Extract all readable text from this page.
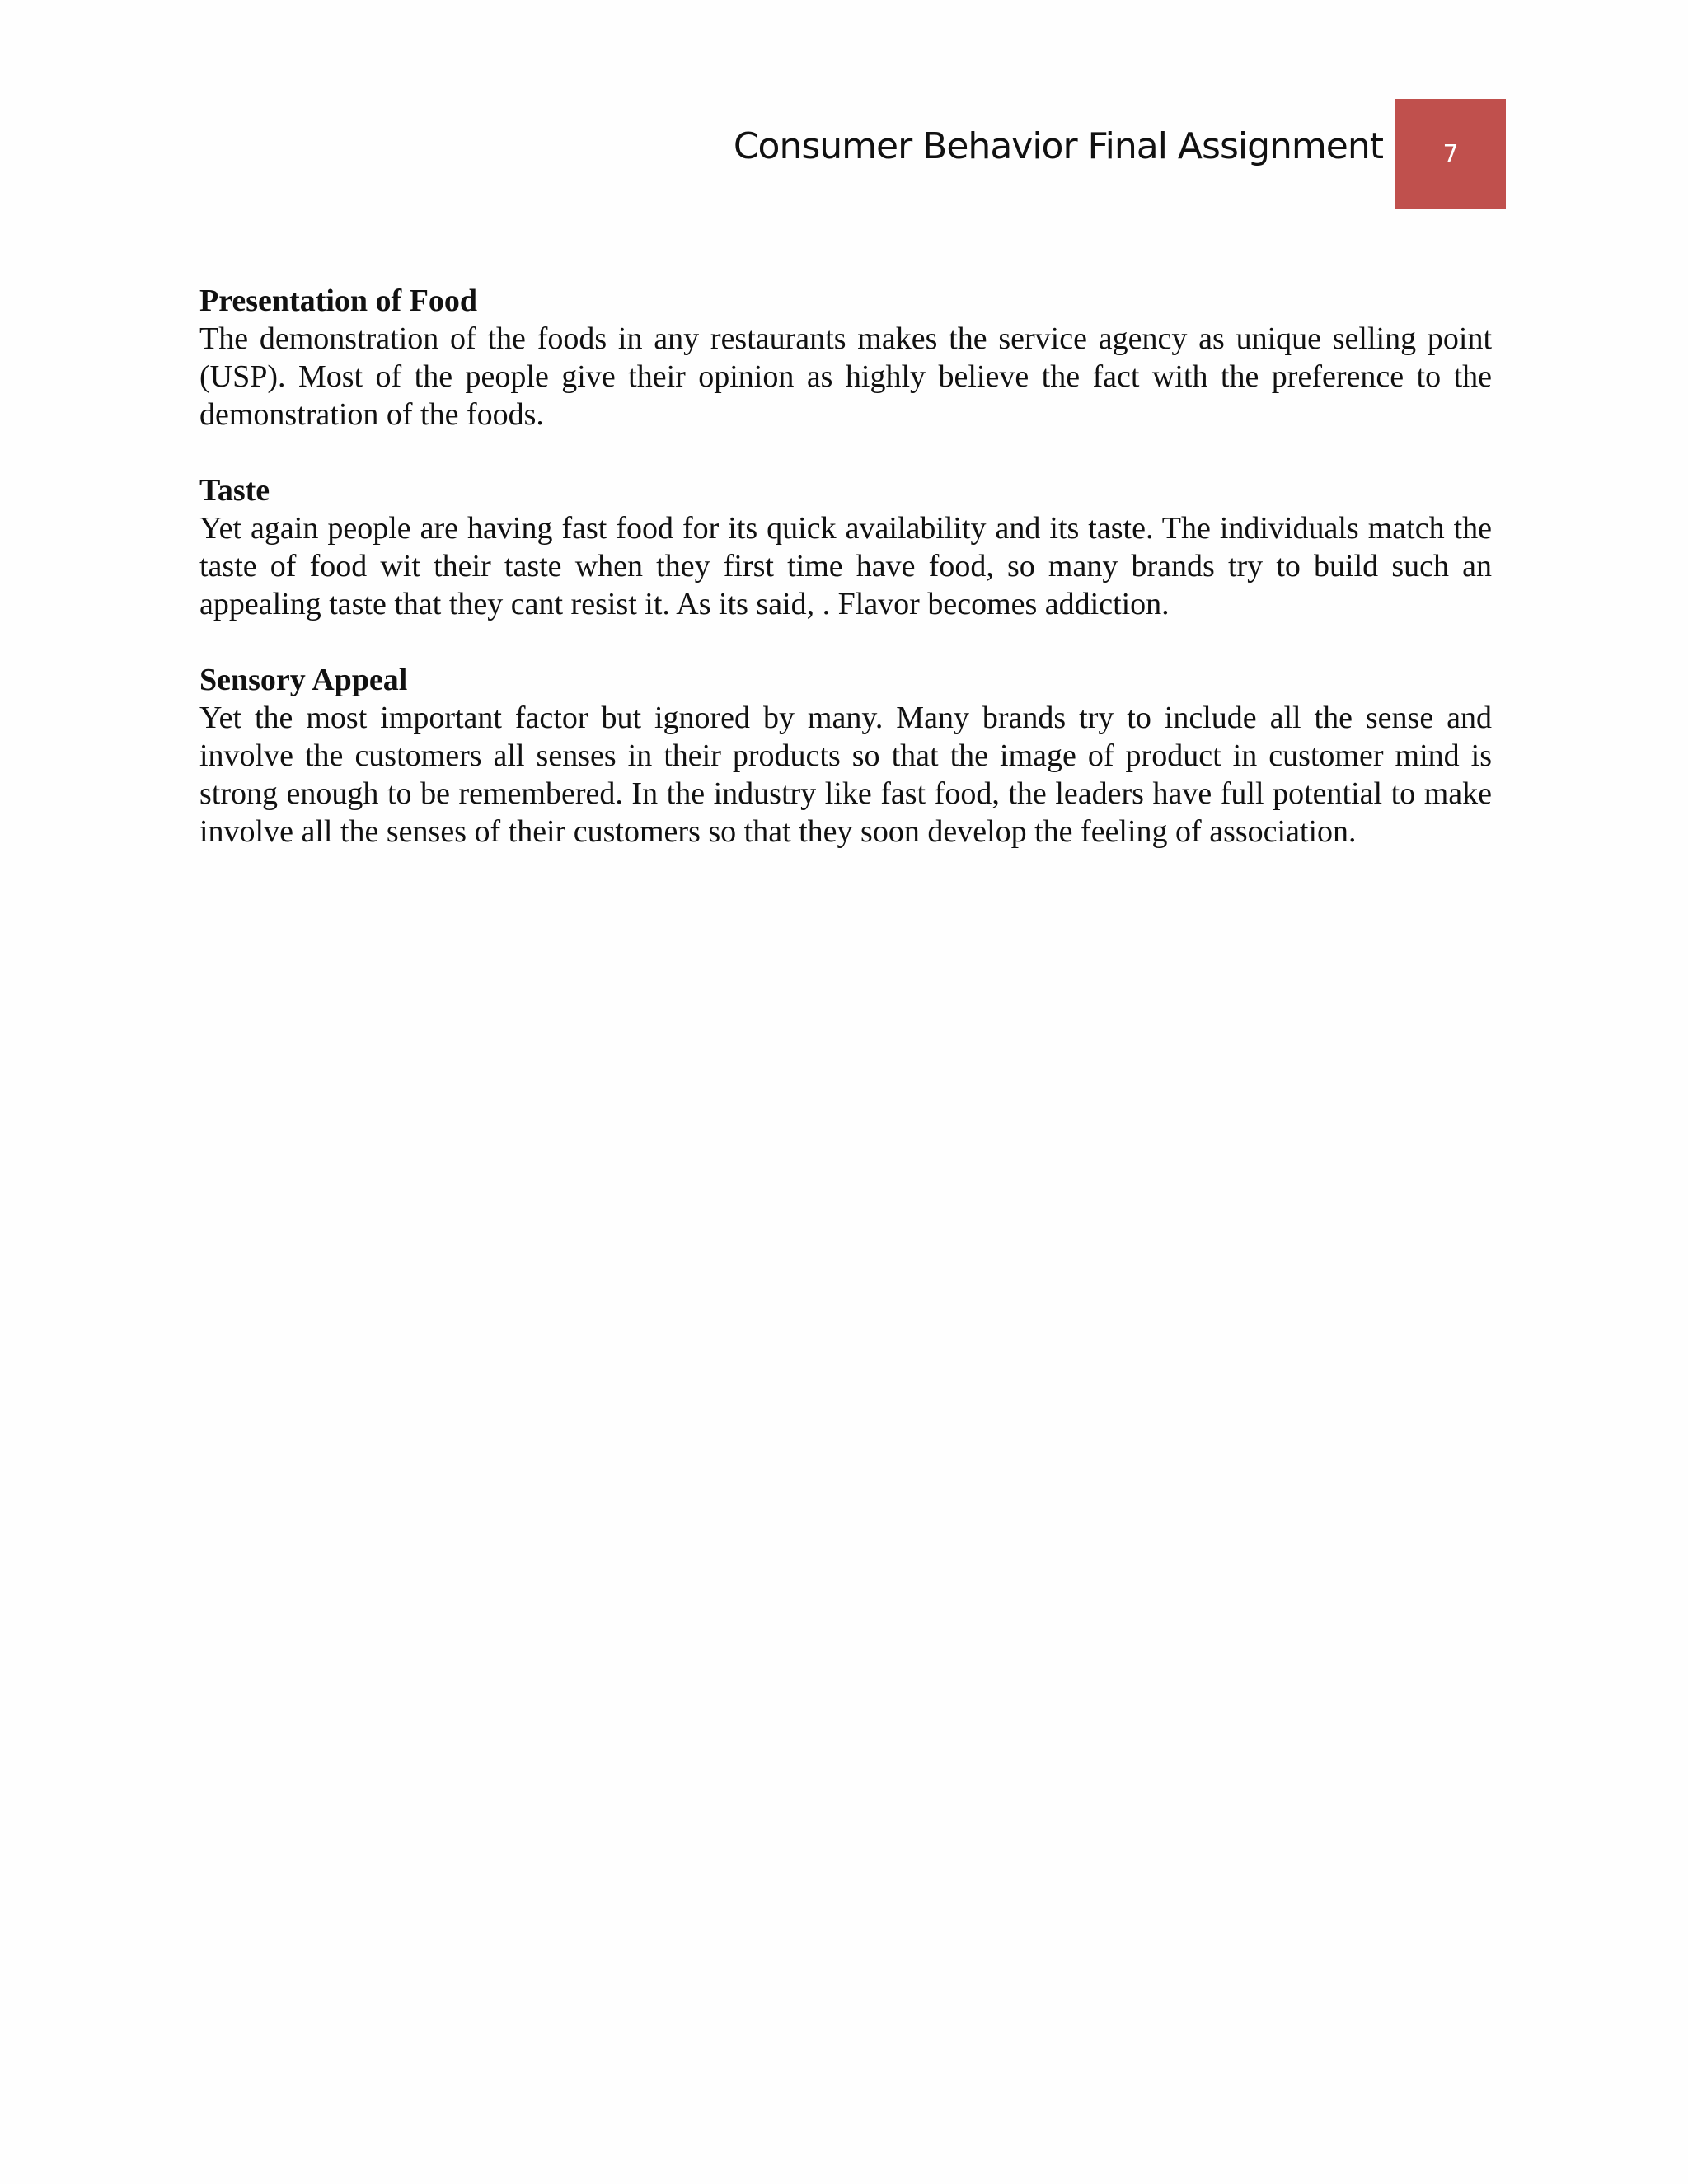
Consumer Behavior Final Assignment	7

Presentation of Food

The demonstration of the foods in any restaurants makes the service agency as unique selling point (USP). Most of the people give their opinion as highly believe the fact with the preference to the demonstration of the foods.

Taste

Yet again people are having fast food for its quick availability and its taste. The individuals match the taste of food wit their taste when they first time have food, so many brands try to build such an appealing taste that they cant resist it. As its said, . Flavor becomes addiction.

Sensory Appeal

Yet the most important factor but ignored by many. Many brands try to include all the sense and involve the customers all senses in their products so that the image of product in customer mind is strong enough to be remembered. In the industry like fast food, the leaders have full potential to make involve all the senses of their customers so that they soon develop the feeling of association.
